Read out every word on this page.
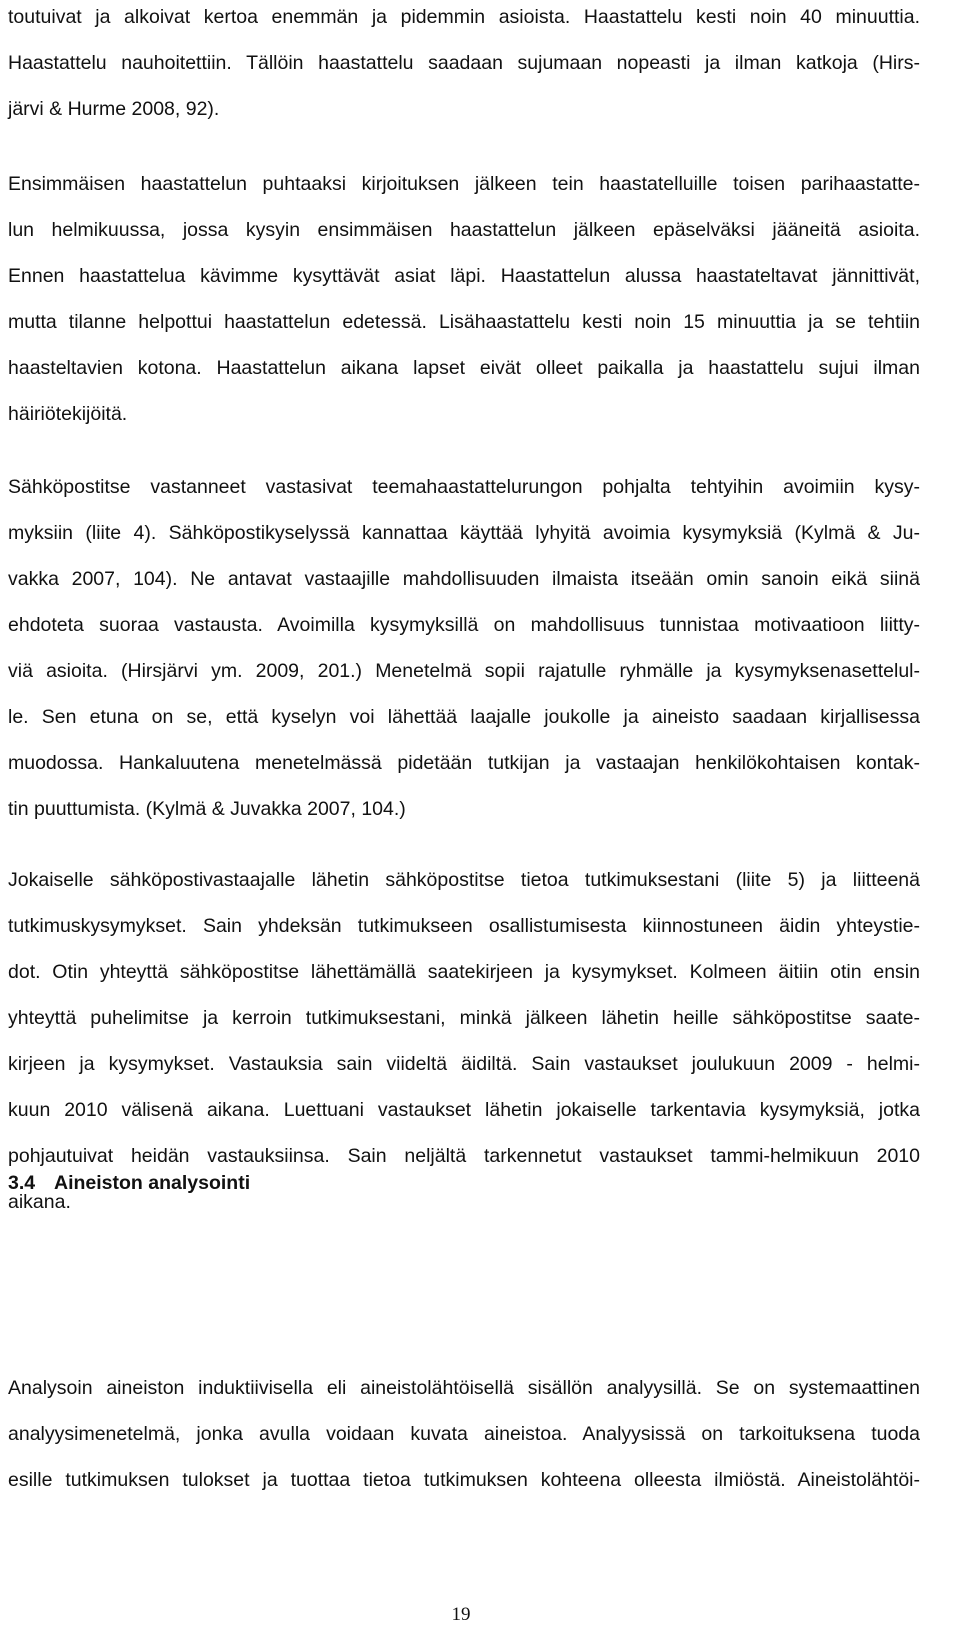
toutuivat ja alkoivat kertoa enemmän ja pidemmin asioista. Haastattelu kesti noin 40 minuuttia.
Haastattelu nauhoitettiin. Tällöin haastattelu saadaan sujumaan nopeasti ja ilman katkoja (Hirs-
järvi & Hurme 2008, 92).
Ensimmäisen haastattelun puhtaaksi kirjoituksen jälkeen tein haastatelluille toisen parihaastatte-
lun helmikuussa, jossa kysyin ensimmäisen haastattelun jälkeen epäselväksi jääneitä asioita.
Ennen haastattelua kävimme kysyttävät asiat läpi. Haastattelun alussa haastateltavat jännittivät,
mutta tilanne helpottui haastattelun edetessä. Lisähaastattelu kesti noin 15 minuuttia ja se tehtiin
haasteltavien kotona. Haastattelun aikana lapset eivät olleet paikalla ja haastattelu sujui ilman
häiriötekijöitä.
Sähköpostitse vastanneet vastasivat teemahaastattelurungon pohjalta tehtyihin avoimiin kysy-
myksiin (liite 4). Sähköpostikyselyssä kannattaa käyttää lyhyitä avoimia kysymyksiä (Kylmä & Ju-
vakka 2007, 104). Ne antavat vastaajille mahdollisuuden ilmaista itseään omin sanoin eikä siinä
ehdoteta suoraa vastausta. Avoimilla kysymyksillä on mahdollisuus tunnistaa motivaatioon liitty-
viä asioita. (Hirsjärvi ym. 2009, 201.) Menetelmä sopii rajatulle ryhmälle ja kysymyksenasettelul-
le. Sen etuna on se, että kyselyn voi lähettää laajalle joukolle ja aineisto saadaan kirjallisessa
muodossa. Hankaluutena menetelmässä pidetään tutkijan ja vastaajan henkilökohtaisen kontak-
tin puuttumista. (Kylmä & Juvakka 2007, 104.)
Jokaiselle sähköpostivastaajalle lähetin sähköpostitse tietoa tutkimuksestani (liite 5) ja liitteenä
tutkimuskysymykset. Sain yhdeksän tutkimukseen osallistumisesta kiinnostuneen äidin yhteystie-
dot. Otin yhteyttä sähköpostitse lähettämällä saatekirjeen ja kysymykset. Kolmeen äitiin otin ensin
yhteyttä puhelimitse ja kerroin tutkimuksestani, minkä jälkeen lähetin heille sähköpostitse saate-
kirjeen ja kysymykset. Vastauksia sain viideltä äidiltä. Sain vastaukset joulukuun 2009 - helmi-
kuun 2010 välisenä aikana. Luettuani vastaukset lähetin jokaiselle tarkentavia kysymyksiä, jotka
pohjautuivat heidän vastauksiinsa. Sain neljältä tarkennetut vastaukset tammi-helmikuun 2010
aikana.
3.4 Aineiston analysointi
Analysoin aineiston induktiivisella eli aineistolähtöisellä sisällön analyysillä. Se on systemaattinen
analyysimenetelmä, jonka avulla voidaan kuvata aineistoa. Analyysissä on tarkoituksena tuoda
esille tutkimuksen tulokset ja tuottaa tietoa tutkimuksen kohteena olleesta ilmiöstä. Aineistolähtöi-
19
